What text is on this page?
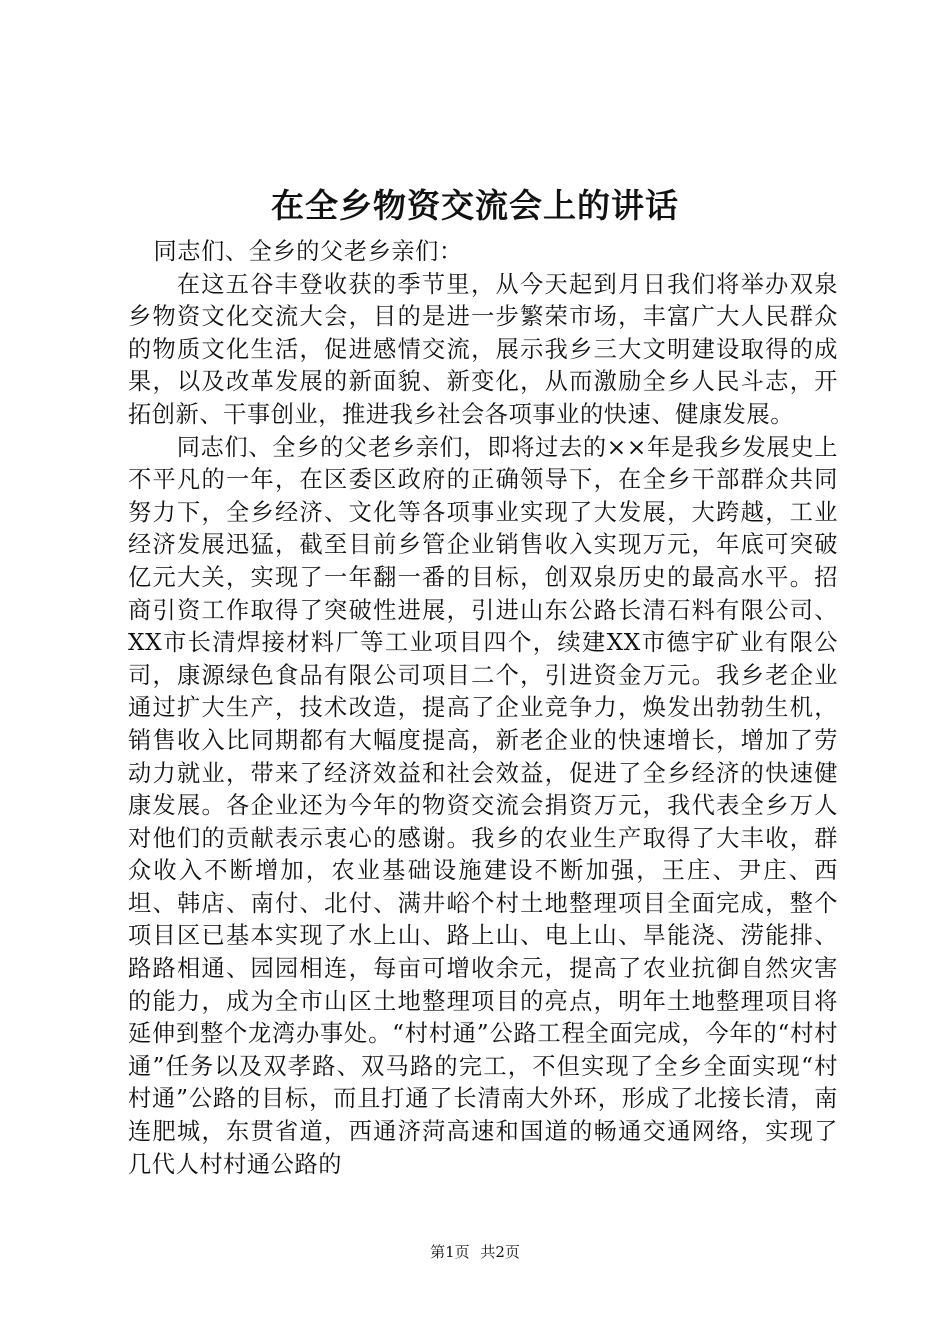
在全乡物资交流会上的讲话

同志们、全乡的父老乡亲们：

在这五谷丰登收获的季节里，从今天起到月日我们将举办双泉乡物资文化交流大会，目的是进一步繁荣市场，丰富广大人民群众的物质文化生活，促进感情交流，展示我乡三大文明建设取得的成果，以及改革发展的新面貌、新变化，从而激励全乡人民斗志，开拓创新、干事创业，推进我乡社会各项事业的快速、健康发展。

同志们、全乡的父老乡亲们，即将过去的××年是我乡发展史上不平凡的一年，在区委区政府的正确领导下，在全乡干部群众共同努力下，全乡经济、文化等各项事业实现了大发展，大跨越，工业经济发展迅猛，截至目前乡管企业销售收入实现万元，年底可突破亿元大关，实现了一年翻一番的目标，创双泉历史的最高水平。招商引资工作取得了突破性进展，引进山东公路长清石料有限公司、XX市长清焊接材料厂等工业项目四个，续建XX市德宇矿业有限公司，康源绿色食品有限公司项目二个，引进资金万元。我乡老企业通过扩大生产，技术改造，提高了企业竞争力，焕发出勃勃生机，销售收入比同期都有大幅度提高，新老企业的快速增长，增加了劳动力就业，带来了经济效益和社会效益，促进了全乡经济的快速健康发展。各企业还为今年的物资交流会捐资万元，我代表全乡万人对他们的贡献表示衷心的感谢。我乡的农业生产取得了大丰收，群众收入不断增加，农业基础设施建设不断加强，王庄、尹庄、西坦、韩店、南付、北付、满井峪个村土地整理项目全面完成，整个项目区已基本实现了水上山、路上山、电上山、旱能浇、涝能排、路路相通、园园相连，每亩可增收余元，提高了农业抗御自然灾害的能力，成为全市山区土地整理项目的亮点，明年土地整理项目将延伸到整个龙湾办事处。“村村通”公路工程全面完成，今年的“村村通”任务以及双孝路、双马路的完工，不但实现了全乡全面实现“村村通”公路的目标，而且打通了长清南大外环，形成了北接长清，南连肥城，东贯省道，西通济菏高速和国道的畅通交通网络，实现了几代人村村通公路的

第1页 共2页
